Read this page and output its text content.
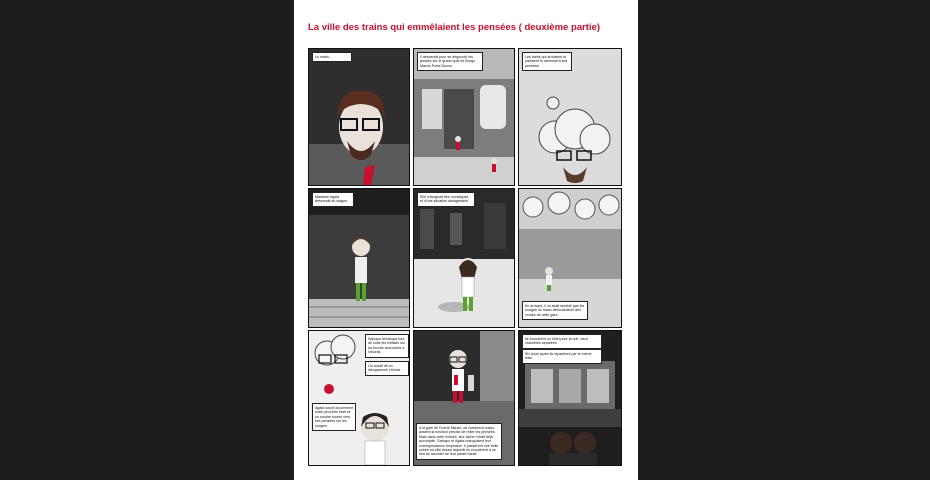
La ville des trains qui emmêlaient les pensées ( deuxième partie)
Le matin...	Il descendit pour se dégourdir les jambes sur le grand quai de Borgo Marzio Porta Nuova
Les trains qui arrivaient et partaient le ramenait à ses pensées.
Madame Agata descendit du wagon.
Elle s'éloignait des montagnes et d'une situation désagréable.
En arrivant, il lui avait semblé que les nuages du matin débouchaient des voutes de cette gare.
Salvapo remarque tout de suite les initiales sur sa broche accrochée à l'anorak.
On aurait dit un idéogramme chinois.
Agata sourit doucement mais peut-être était ce un sourire tourné vers ses pensées sur les nuages.
A la gare de Fuerte Marzio, de nombreux trains avaient la fonction précise de relier les pensées. Mais dans cette histoire, leur tâche n'était déjà accomplie. Salvapo et Agata manquaient leur correspondance respective. Il passèrent une belle soirée en ville durant laquelle ils écoutèrent à ne rien se raconter de leur passé banal.
Ils trouvèrent un hôtel pour la nuit, deux chambres séparées.
Six jours après ils repartirent par le même train.
